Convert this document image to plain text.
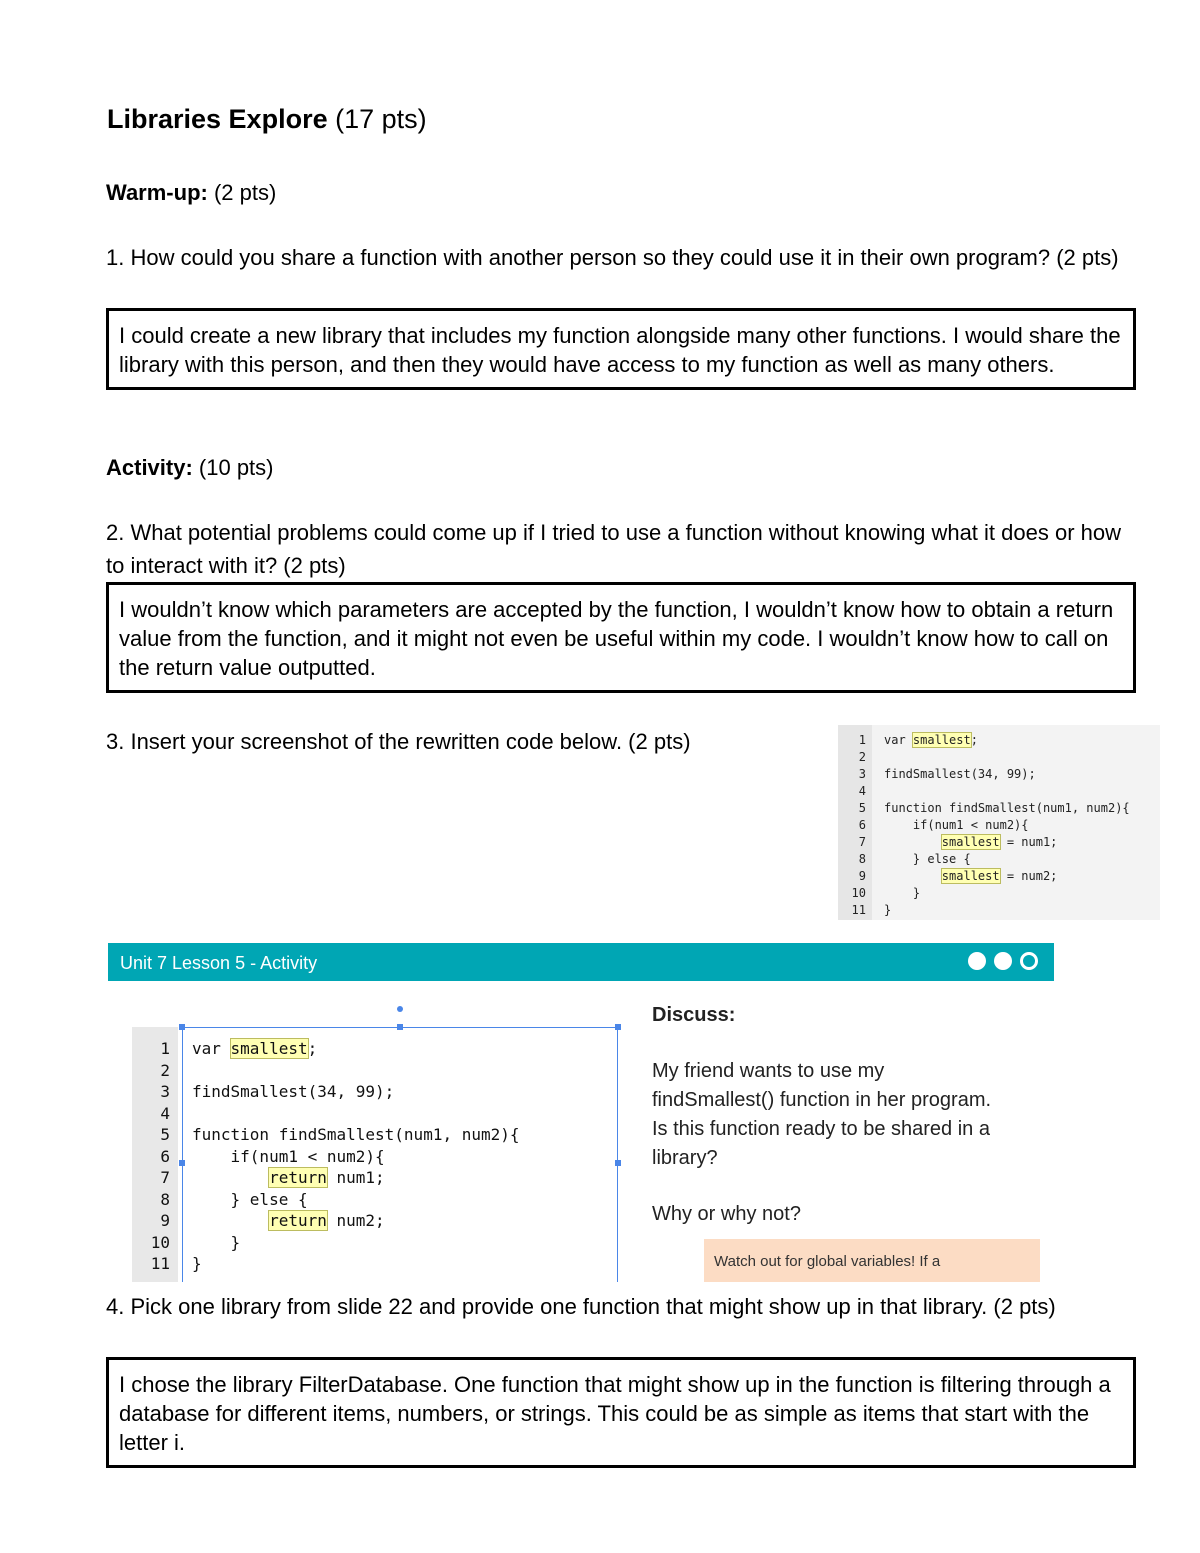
Libraries Explore (17 pts)
Warm-up: (2 pts)
1. How could you share a function with another person so they could use it in their own program? (2 pts)
I could create a new library that includes my function alongside many other functions. I would share the library with this person, and then they would have access to my function as well as many others.
Activity: (10 pts)
2. What potential problems could come up if I tried to use a function without knowing what it does or how to interact with it? (2 pts)
I wouldn’t know which parameters are accepted by the function, I wouldn’t know how to obtain a return value from the function, and it might not even be useful within my code. I wouldn’t know how to call on the return value outputted.
3. Insert your screenshot of the rewritten code below. (2 pts)	1
2
3
4
5
6
7
8
9
10
11
var smallest;
findSmallest(34, 99);
function findSmallest(num1, num2){
if(num1 < num2){
smallest = num1;
} else {
smallest = num2;
}
}
Unit 7 Lesson 5 - Activity
1
2
3
4
5
6
7
8
9
10
11
var smallest;
findSmallest(34, 99);
function findSmallest(num1, num2){
if(num1 < num2){
return num1;
} else {
return num2;
}
}
Discuss:
My friend wants to use my findSmallest() function in her program. Is this function ready to be shared in a library?
Why or why not?
Watch out for global variables! If a
4. Pick one library from slide 22 and provide one function that might show up in that library. (2 pts)
I chose the library FilterDatabase. One function that might show up in the function is filtering through a database for different items, numbers, or strings. This could be as simple as items that start with the letter i.
